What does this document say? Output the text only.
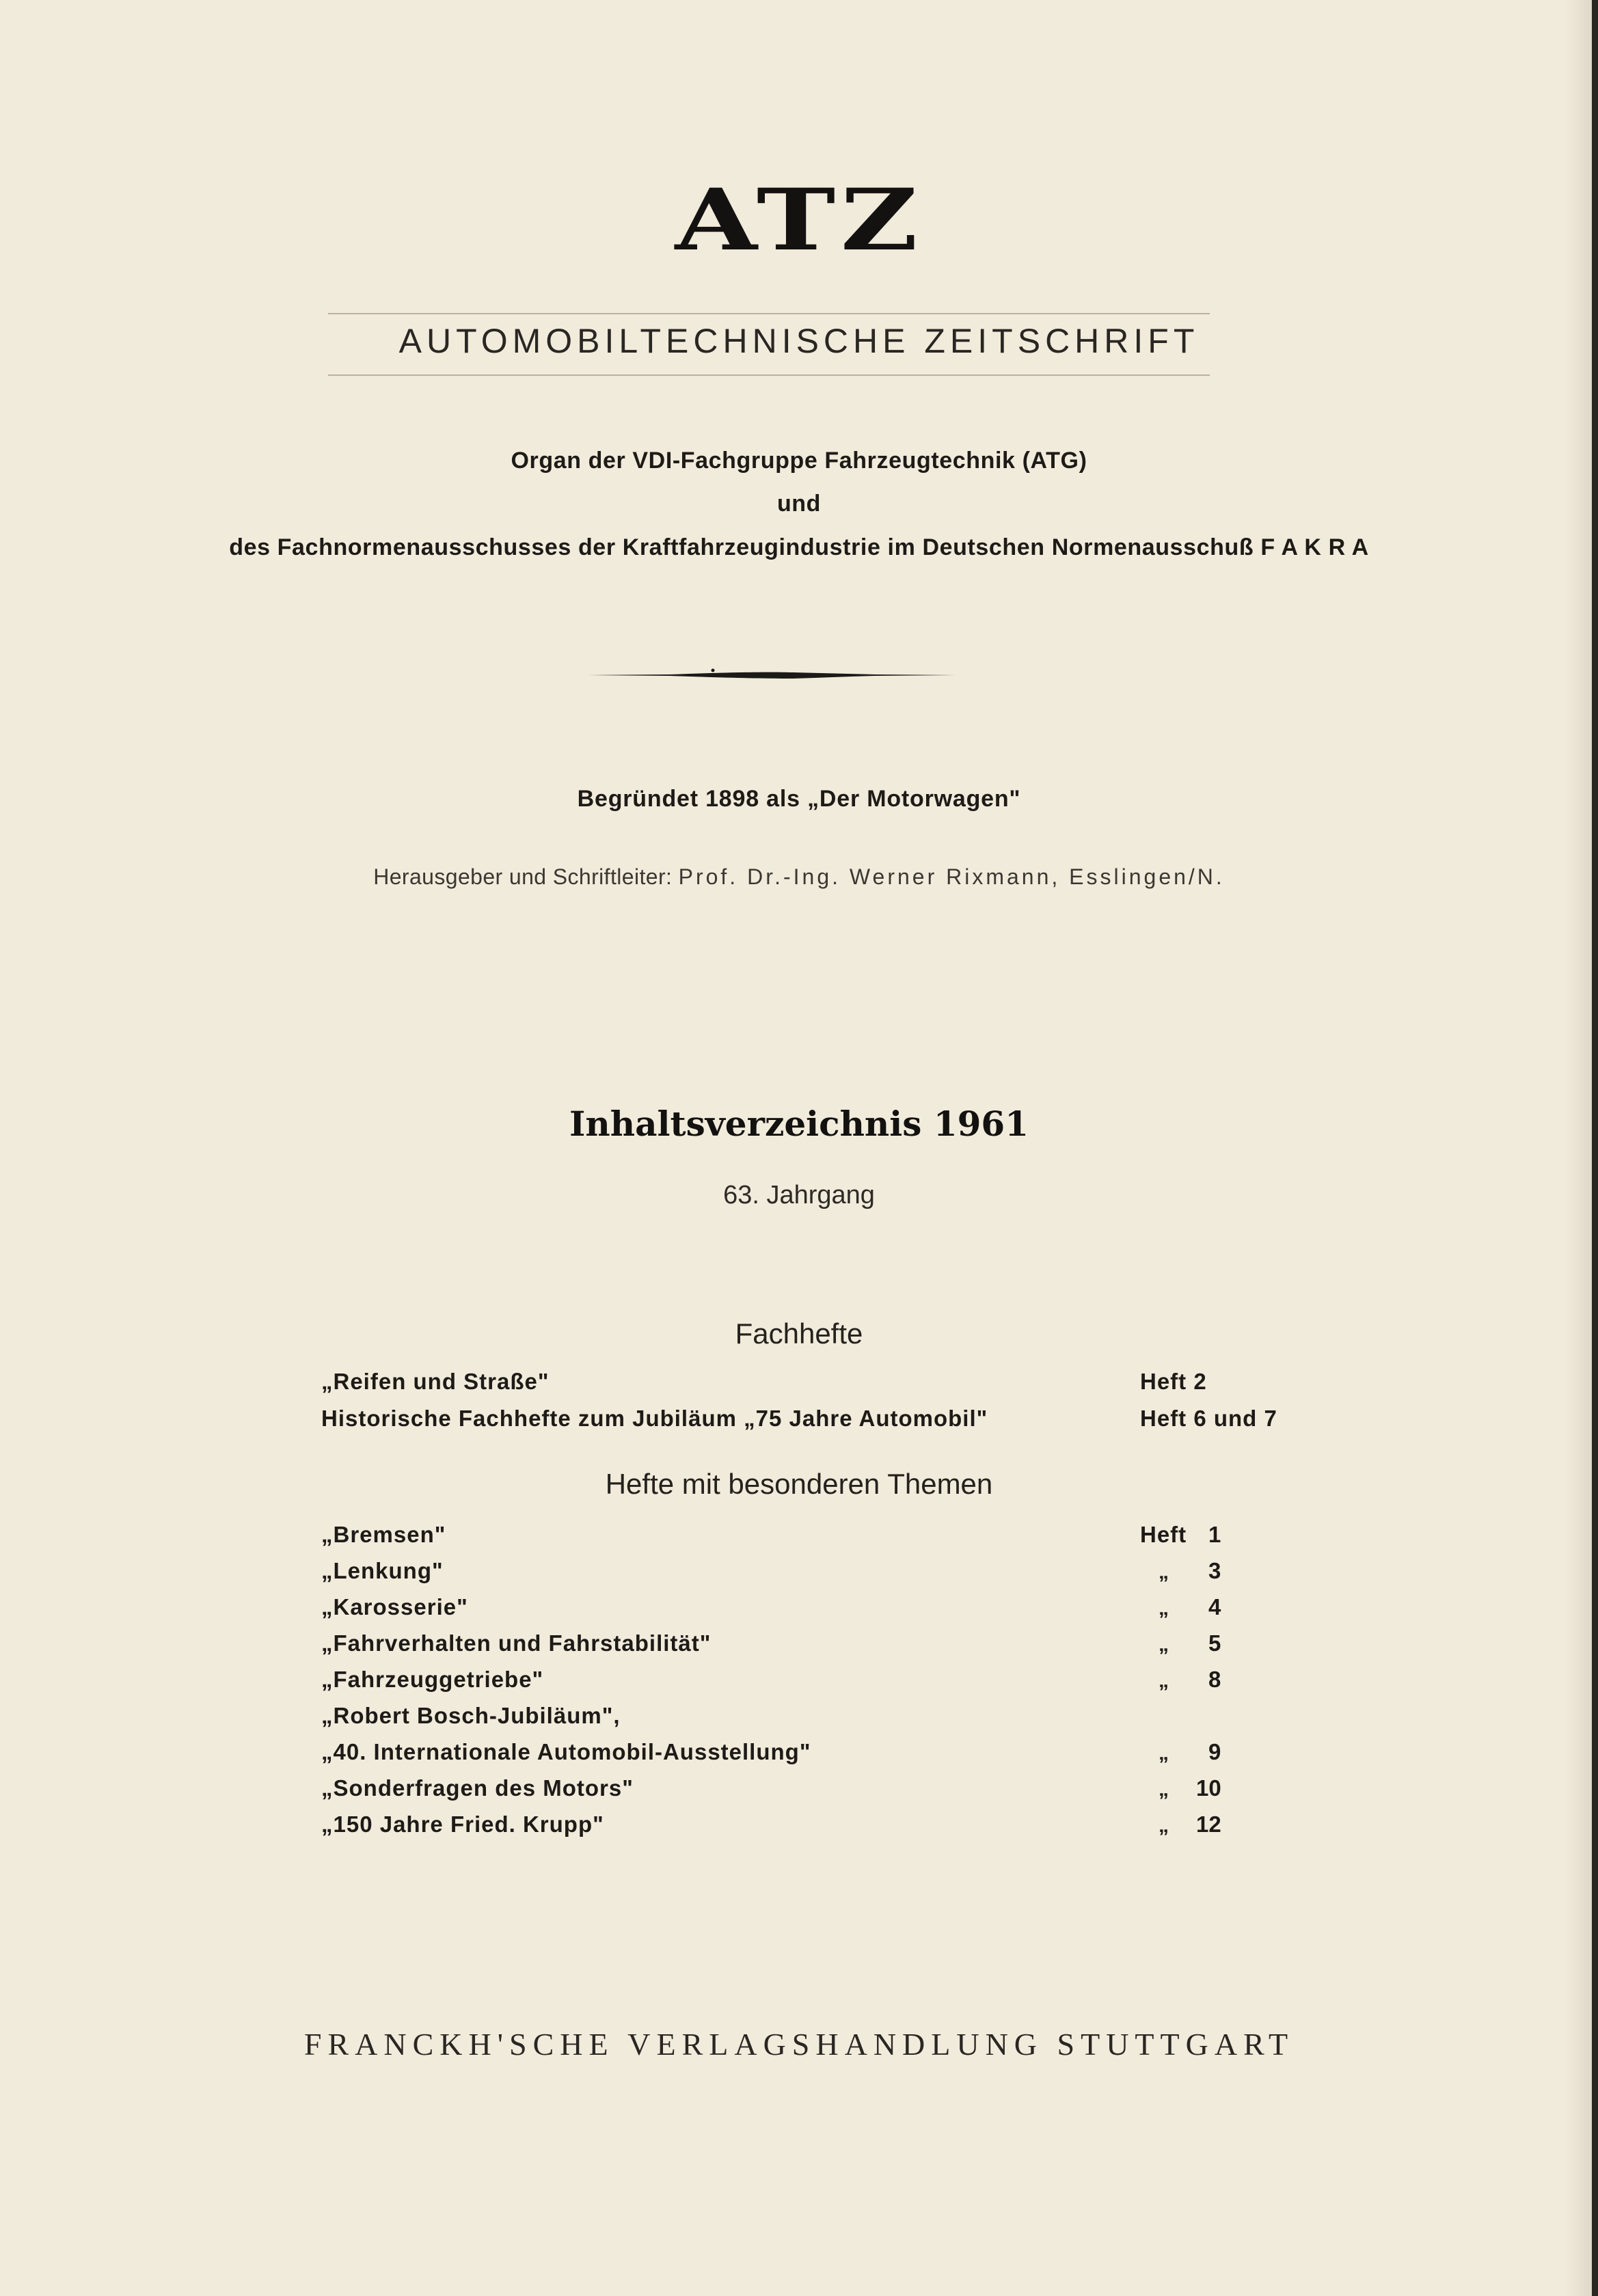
ATZ
AUTOMOBILTECHNISCHE ZEITSCHRIFT
Organ der VDI-Fachgruppe Fahrzeugtechnik (ATG)
und
des Fachnormenausschusses der Kraftfahrzeugindustrie im Deutschen Normenausschuß F A K R A
Begründet 1898 als „Der Motorwagen"
Herausgeber und Schriftleiter: Prof. Dr.-Ing. Werner Rixmann, Esslingen/N.
Inhaltsverzeichnis 1961
63. Jahrgang
Fachhefte
„Reifen und Straße"	Heft 2
Historische Fachhefte zum Jubiläum „75 Jahre Automobil"	Heft 6 und 7
Hefte mit besonderen Themen
„Bremsen"	Heft 1
„Lenkung"	„ 3
„Karosserie"	„ 4
„Fahrverhalten und Fahrstabilität"	„ 5
„Fahrzeuggetriebe"	„ 8
„Robert Bosch-Jubiläum",
„40. Internationale Automobil-Ausstellung"	„ 9
„Sonderfragen des Motors"	„ 10
„150 Jahre Fried. Krupp"	„ 12
FRANCKH'SCHE VERLAGSHANDLUNG STUTTGART
